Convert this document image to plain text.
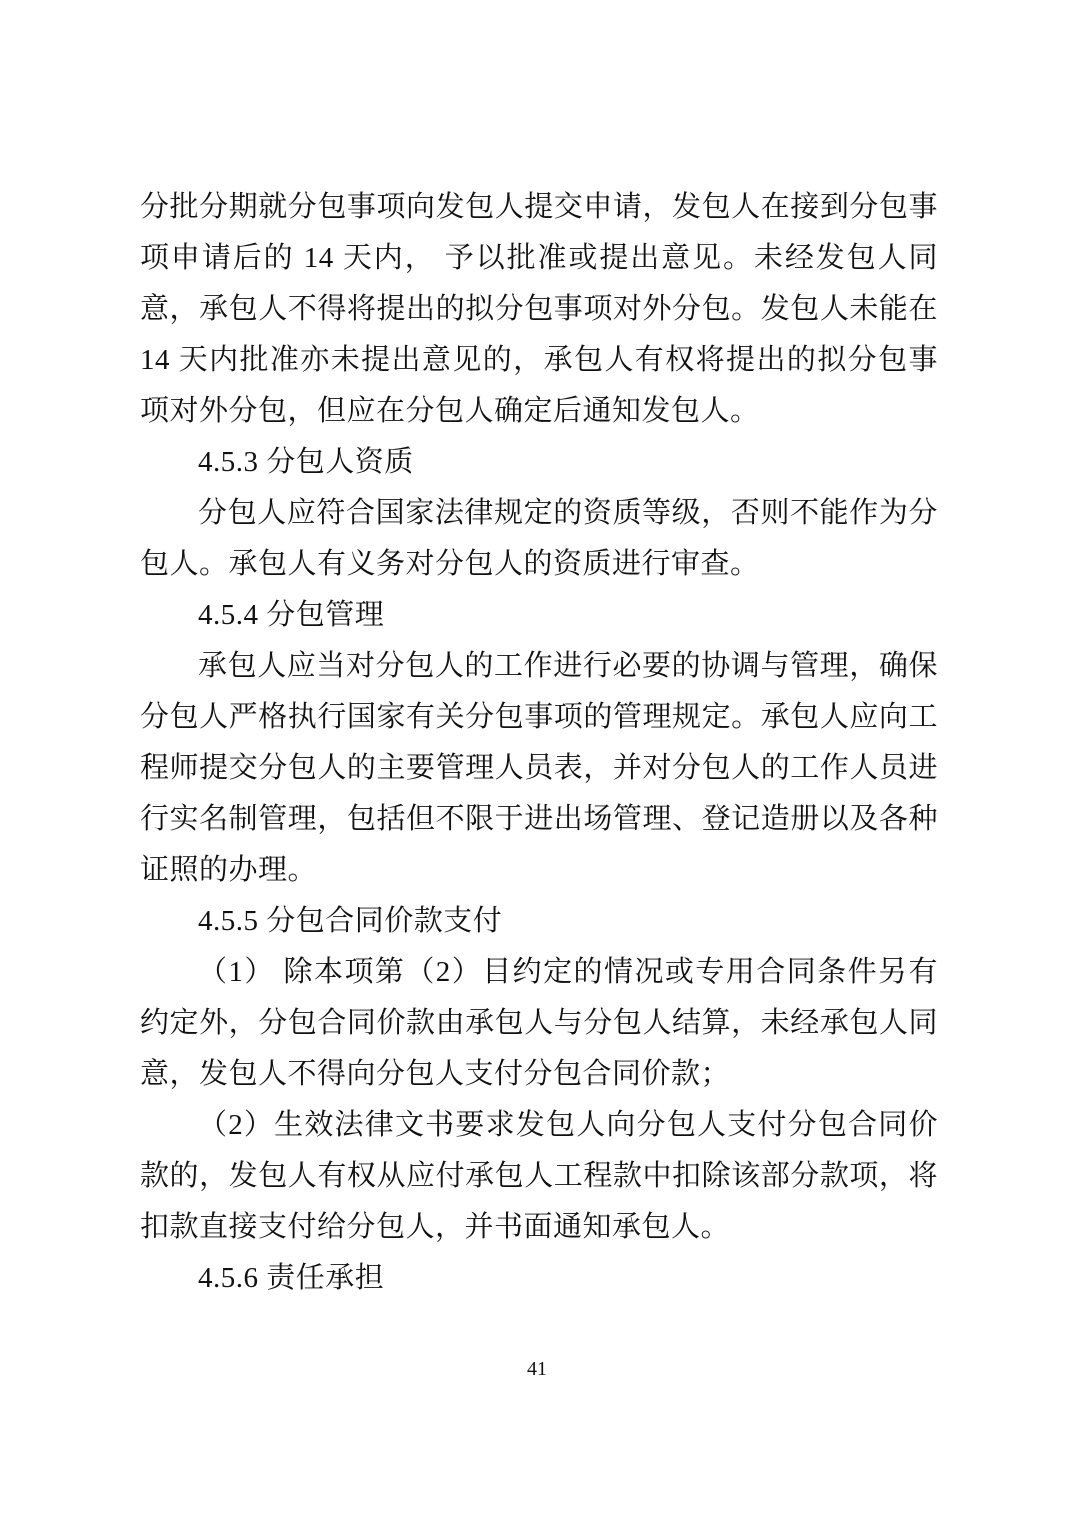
分批分期就分包事项向发包人提交申请，发包人在接到分包事项申请后的 14 天内， 予以批准或提出意见。未经发包人同意，承包人不得将提出的拟分包事项对外分包。发包人未能在 14 天内批准亦未提出意见的，承包人有权将提出的拟分包事项对外分包，但应在分包人确定后通知发包人。

4.5.3 分包人资质

分包人应符合国家法律规定的资质等级，否则不能作为分包人。承包人有义务对分包人的资质进行审查。

4.5.4 分包管理

承包人应当对分包人的工作进行必要的协调与管理，确保分包人严格执行国家有关分包事项的管理规定。承包人应向工程师提交分包人的主要管理人员表，并对分包人的工作人员进行实名制管理，包括但不限于进出场管理、登记造册以及各种证照的办理。

4.5.5 分包合同价款支付

（1） 除本项第（2）目约定的情况或专用合同条件另有约定外，分包合同价款由承包人与分包人结算，未经承包人同意，发包人不得向分包人支付分包合同价款；

（2）生效法律文书要求发包人向分包人支付分包合同价款的，发包人有权从应付承包人工程款中扣除该部分款项，将扣款直接支付给分包人，并书面通知承包人。

4.5.6 责任承担

41
